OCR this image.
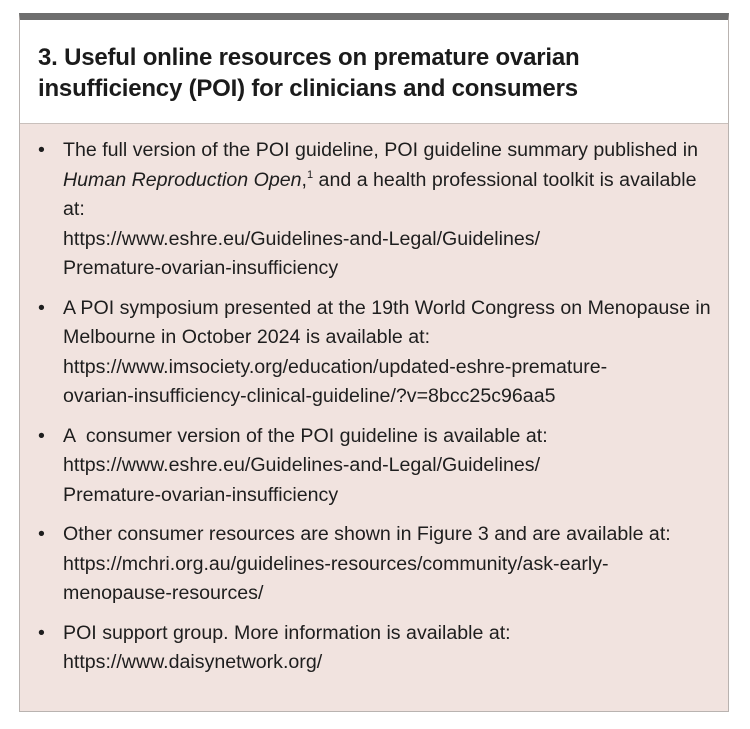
3. Useful online resources on premature ovarian insufficiency (POI) for clinicians and consumers
• The full version of the POI guideline, POI guideline summary published in Human Reproduction Open,$^1$ and a health professional toolkit is available at:
https://www.eshre.eu/Guidelines-and-Legal/Guidelines/
Premature-ovarian-insufficiency
• A POI symposium presented at the 19th World Congress on Menopause in Melbourne in October 2024 is available at:
https://www.imsociety.org/education/updated-eshre-premature-
ovarian-insufficiency-clinical-guideline/?v=8bcc25c96aa5
• A  consumer version of the POI guideline is available at:
https://www.eshre.eu/Guidelines-and-Legal/Guidelines/
Premature-ovarian-insufficiency
• Other consumer resources are shown in Figure 3 and are available at:
https://mchri.org.au/guidelines-resources/community/ask-early-
menopause-resources/
• POI support group. More information is available at:
https://www.daisynetwork.org/
